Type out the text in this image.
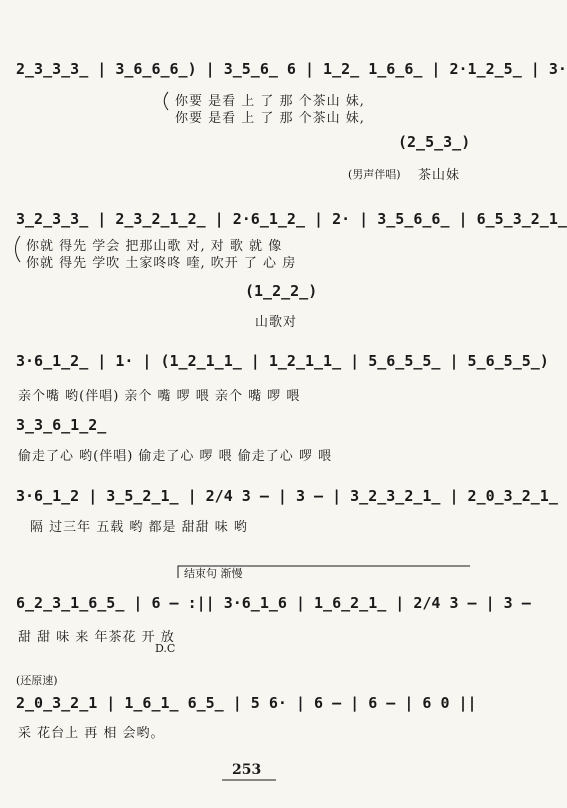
2̲3̲3̲3̲ | 3̲6̲6̲6̲) | 3̲5̲6̲ 6 | 1̲2̲ 1̲6̲6̲ | 2·1̲2̲5̲ | 3·
你要 是看 上 了 那 个茶山 妹,
你要 是看 上 了 那 个茶山 妹,
(2̲5̲3̲)
(男声伴唱) 茶山妹
3̲2̲3̲3̲ | 2̲3̲2̲1̲2̲ | 2·6̲1̲2̲ | 2· | 3̲5̲6̲6̲ | 6̲5̲3̲2̲1̲
你就 得先 学会 把那山歌 对, 对 歌 就 像
你就 得先 学吹 土家咚咚 喹, 吹开 了 心 房
(1̲2̲2̲)
山歌对
3·6̲1̲2̲ | 1· | (1̲2̲1̲1̲ | 1̲2̲1̲1̲ | 5̲6̲5̲5̲ | 5̲6̲5̲5̲)
亲个嘴 哟(伴唱) 亲个 嘴 啰 喂 亲个 嘴 啰 喂
3̲3̲6̲1̲2̲
偷走了心 哟(伴唱) 偷走了心 啰 喂 偷走了心 啰 喂
3·6̲1̲2 | 3̲5̲2̲1̲ | 2/4 3 – | 3 – | 3̲2̲3̲2̲1̲ | 2̲0̲3̲2̲1̲
隔 过三年 五载 哟 都是 甜甜 味 哟
结束句 渐慢
6̲2̲3̲1̲6̲5̲ | 6 – :|| 3·6̲1̲6 | 1̲6̲2̲1̲ | 2/4 3 – | 3 –
甜 甜 味 来 年茶花 开 放
D.C
(还原速)
2̲0̲3̲2̲1 | 1̲6̲1̲ 6̲5̲ | 5 6· | 6 – | 6 – | 6 0 ||
采 花台上 再 相 会哟。
253
